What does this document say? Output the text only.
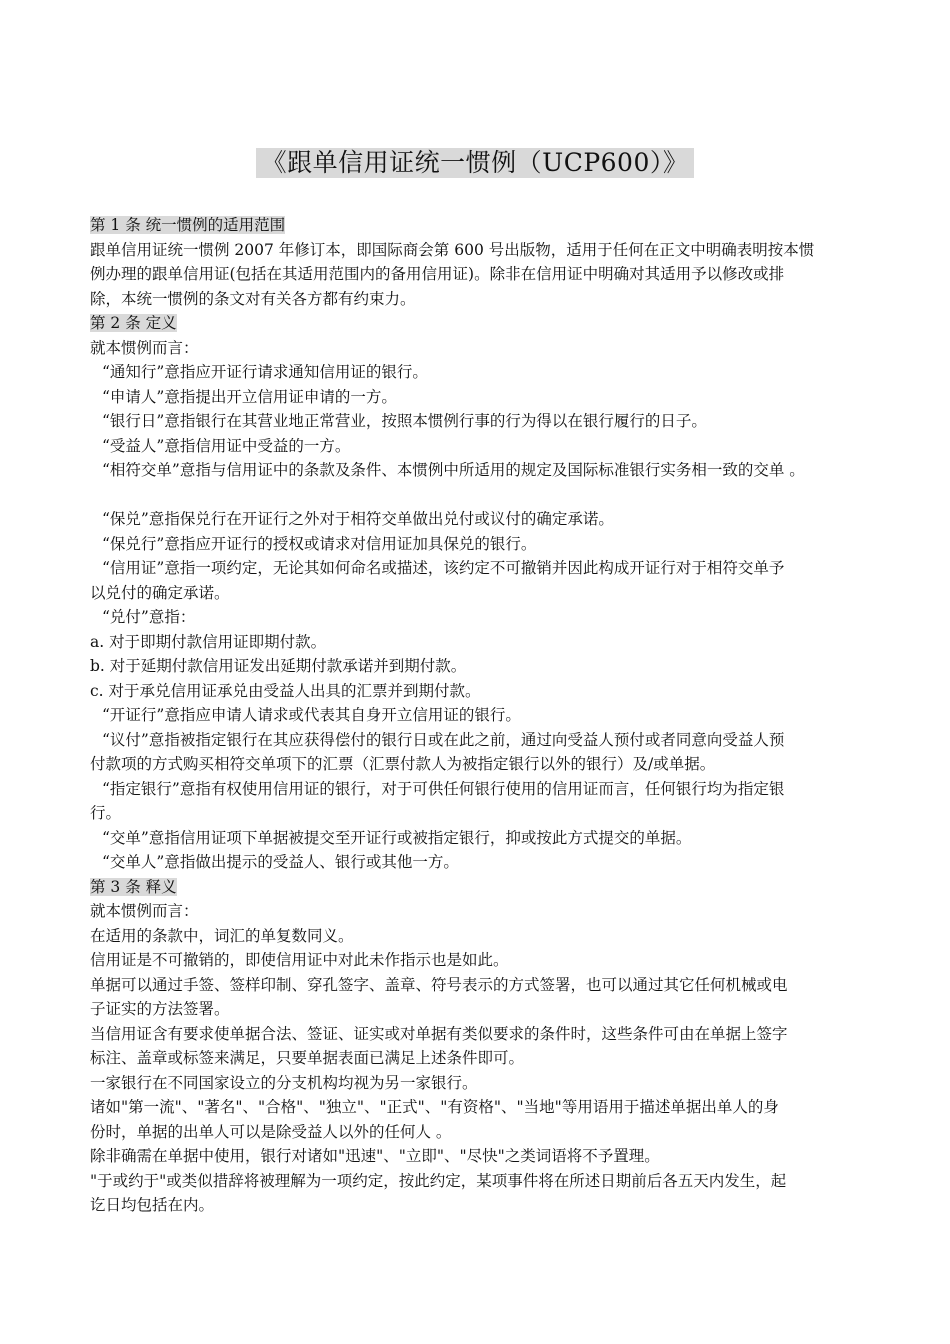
《跟单信用证统一惯例（UCP600）》
第 1 条 统一惯例的适用范围
跟单信用证统一惯例 2007 年修订本，即国际商会第 600 号出版物，适用于任何在正文中明确表明按本惯
例办理的跟单信用证(包括在其适用范围内的备用信用证)。除非在信用证中明确对其适用予以修改或排
除，本统一惯例的条文对有关各方都有约束力。
第 2 条 定义
就本惯例而言：
“通知行”意指应开证行请求通知信用证的银行。
“申请人”意指提出开立信用证申请的一方。
“银行日”意指银行在其营业地正常营业，按照本惯例行事的行为得以在银行履行的日子。
“受益人”意指信用证中受益的一方。
“相符交单”意指与信用证中的条款及条件、本惯例中所适用的规定及国际标准银行实务相一致的交单 。
“保兑”意指保兑行在开证行之外对于相符交单做出兑付或议付的确定承诺。
“保兑行”意指应开证行的授权或请求对信用证加具保兑的银行。
“信用证”意指一项约定，无论其如何命名或描述，该约定不可撤销并因此构成开证行对于相符交单予
以兑付的确定承诺。
“兑付”意指：
a. 对于即期付款信用证即期付款。
b. 对于延期付款信用证发出延期付款承诺并到期付款。
c. 对于承兑信用证承兑由受益人出具的汇票并到期付款。
“开证行”意指应申请人请求或代表其自身开立信用证的银行。
“议付”意指被指定银行在其应获得偿付的银行日或在此之前，通过向受益人预付或者同意向受益人预
付款项的方式购买相符交单项下的汇票（汇票付款人为被指定银行以外的银行）及/或单据。
“指定银行”意指有权使用信用证的银行，对于可供任何银行使用的信用证而言，任何银行均为指定银
行。
“交单”意指信用证项下单据被提交至开证行或被指定银行，抑或按此方式提交的单据。
“交单人”意指做出提示的受益人、银行或其他一方。
第 3 条 释义
就本惯例而言：
在适用的条款中，词汇的单复数同义。
信用证是不可撤销的，即使信用证中对此未作指示也是如此。
单据可以通过手签、签样印制、穿孔签字、盖章、符号表示的方式签署，也可以通过其它任何机械或电
子证实的方法签署。
当信用证含有要求使单据合法、签证、证实或对单据有类似要求的条件时，这些条件可由在单据上签字
标注、盖章或标签来满足，只要单据表面已满足上述条件即可。
一家银行在不同国家设立的分支机构均视为另一家银行。
诸如"第一流"、"著名"、"合格"、"独立"、"正式"、"有资格"、"当地"等用语用于描述单据出单人的身
份时，单据的出单人可以是除受益人以外的任何人 。
除非确需在单据中使用，银行对诸如"迅速"、"立即"、"尽快"之类词语将不予置理。
"于或约于"或类似措辞将被理解为一项约定，按此约定，某项事件将在所述日期前后各五天内发生，起
讫日均包括在内。
